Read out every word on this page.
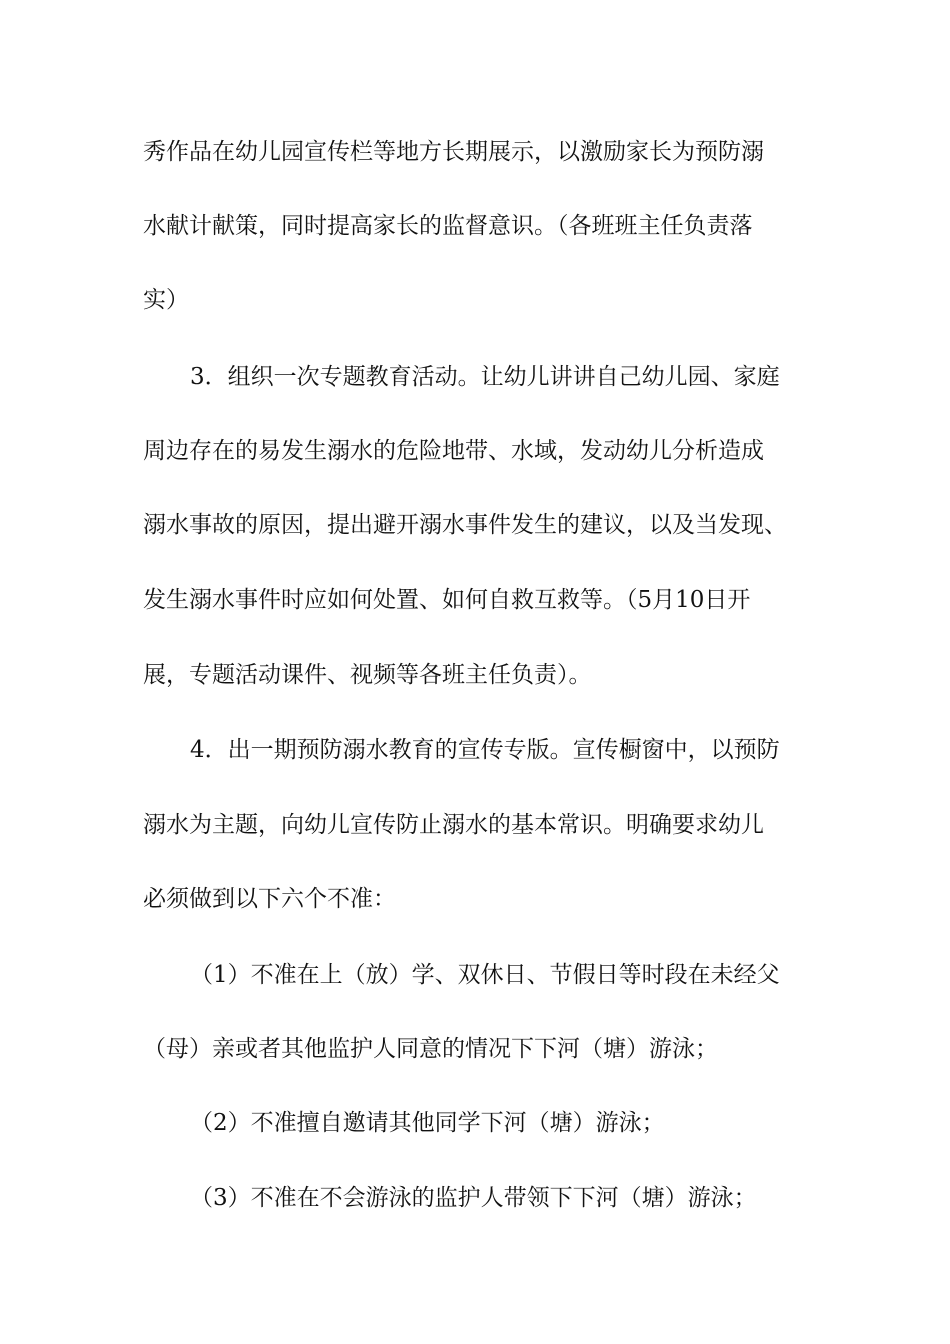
秀作品在幼儿园宣传栏等地方长期展示，以激励家长为预防溺
水献计献策，同时提高家长的监督意识。（各班班主任负责落
实）
3．组织一次专题教育活动。让幼儿讲讲自己幼儿园、家庭
周边存在的易发生溺水的危险地带、水域，发动幼儿分析造成
溺水事故的原因，提出避开溺水事件发生的建议，以及当发现、
发生溺水事件时应如何处置、如何自救互救等。（5月10日开
展，专题活动课件、视频等各班主任负责）。
4．出一期预防溺水教育的宣传专版。宣传橱窗中，以预防
溺水为主题，向幼儿宣传防止溺水的基本常识。明确要求幼儿
必须做到以下六个不准：
（1）不准在上（放）学、双休日、节假日等时段在未经父
（母）亲或者其他监护人同意的情况下下河（塘）游泳；
（2）不准擅自邀请其他同学下河（塘）游泳；
（3）不准在不会游泳的监护人带领下下河（塘）游泳；
